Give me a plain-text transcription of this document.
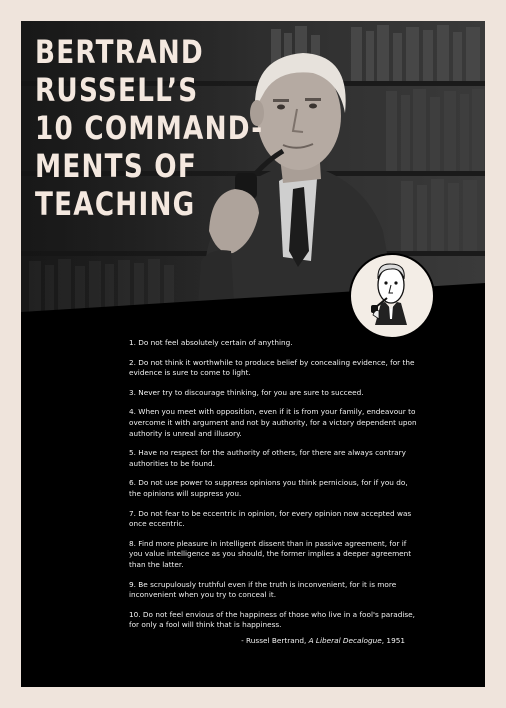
BERTRAND
RUSSELL’S
10 COMMAND-
MENTS OF
TEACHING
1. Do not feel absolutely certain of anything.
2. Do not think it worthwhile to produce belief by concealing evidence, for the evidence is sure to come to light.
3. Never try to discourage thinking, for you are sure to succeed.
4. When you meet with opposition, even if it is from your family, endeavour to overcome it with argument and not by authority, for a victory dependent upon authority is unreal and illusory.
5. Have no respect for the authority of others, for there are always contrary authorities to be found.
6. Do not use power to suppress opinions you think pernicious, for if you do, the opinions will suppress you.
7. Do not fear to be eccentric in opinion, for every opinion now accepted was once eccentric.
8. Find more pleasure in intelligent dissent than in passive agreement, for if you value intelligence as you should, the former implies a deeper agreement than the latter.
9. Be scrupulously truthful even if the truth is inconvenient, for it is more inconvenient when you try to conceal it.
10. Do not feel envious of the happiness of those who live in a fool's paradise, for only a fool will think that is happiness.
- Russel Bertrand, A Liberal Decalogue, 1951
